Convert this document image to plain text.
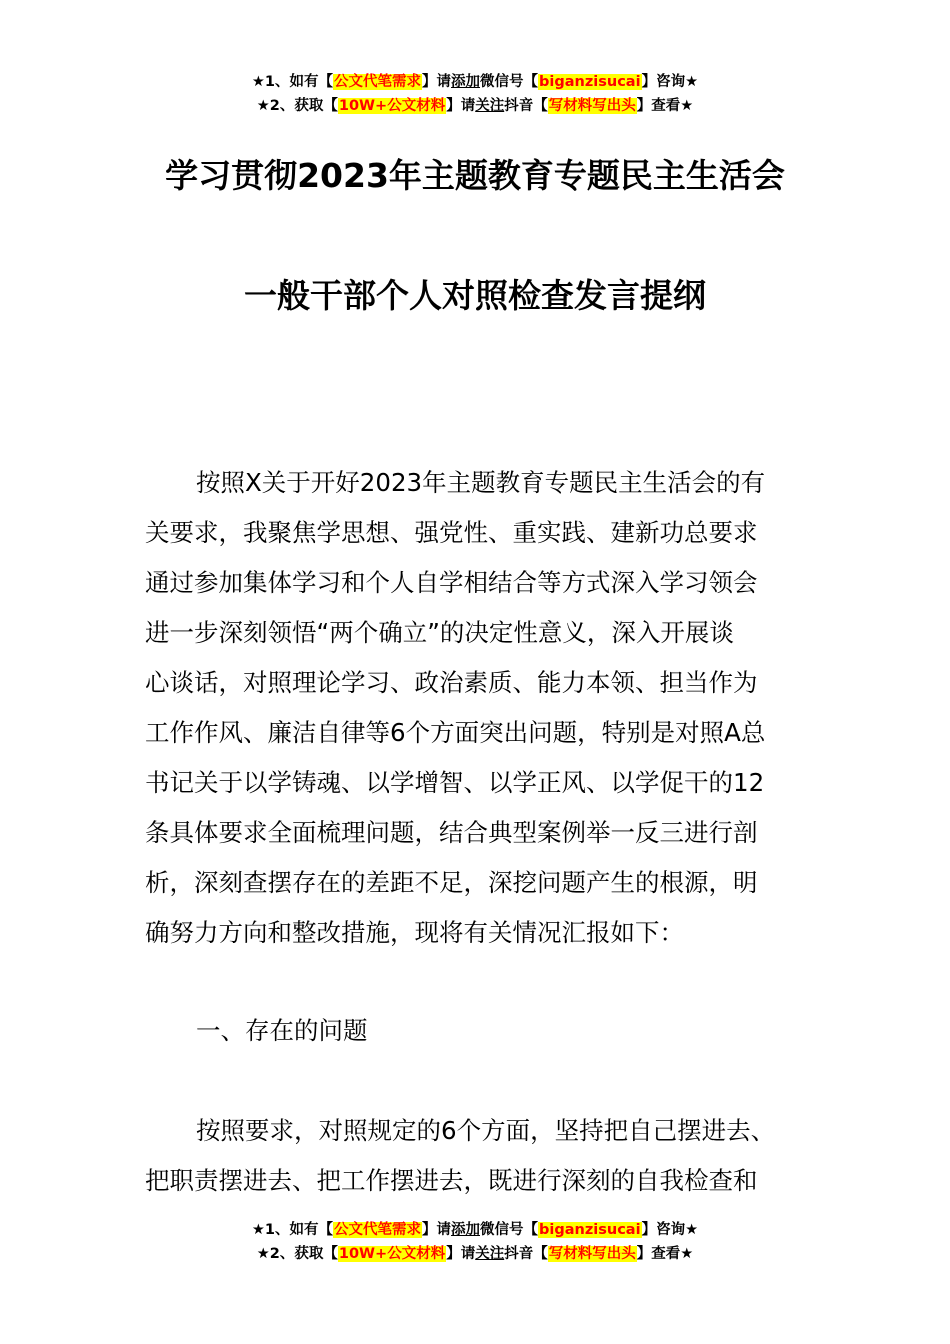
★1、如有【公文代笔需求】请添加微信号【biganzisucai】咨询★
★2、获取【10W+公文材料】请关注抖音【写材料写出头】查看★
学习贯彻2023年主题教育专题民主生活会
一般干部个人对照检查发言提纲
按照X关于开好2023年主题教育专题民主生活会的有
关要求，我聚焦学思想、强党性、重实践、建新功总要求
通过参加集体学习和个人自学相结合等方式深入学习领会
进一步深刻领悟“两个确立”的决定性意义，深入开展谈
心谈话，对照理论学习、政治素质、能力本领、担当作为
工作作风、廉洁自律等6个方面突出问题，特别是对照A总
书记关于以学铸魂、以学增智、以学正风、以学促干的12
条具体要求全面梳理问题，结合典型案例举一反三进行剖
析，深刻查摆存在的差距不足，深挖问题产生的根源，明
确努力方向和整改措施，现将有关情况汇报如下：
一、存在的问题
按照要求，对照规定的6个方面，坚持把自己摆进去、
把职责摆进去、把工作摆进去，既进行深刻的自我检查和
★1、如有【公文代笔需求】请添加微信号【biganzisucai】咨询★
★2、获取【10W+公文材料】请关注抖音【写材料写出头】查看★
